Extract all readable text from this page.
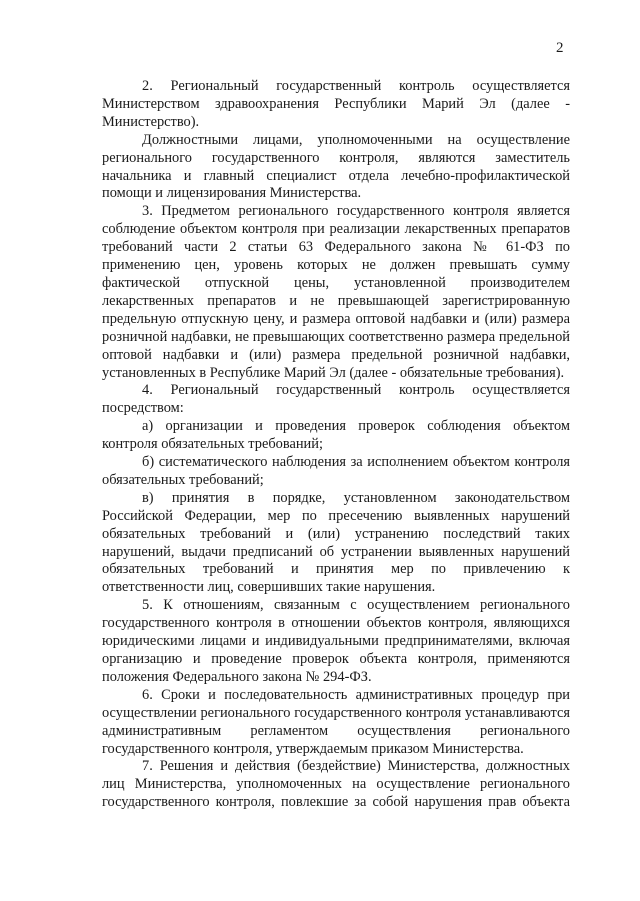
2

2. Региональный государственный контроль осуществляется Министерством здравоохранения Республики Марий Эл (далее - Министерство).

Должностными лицами, уполномоченными на осуществление регионального государственного контроля, являются заместитель начальника и главный специалист отдела лечебно-профилактической помощи и лицензирования Министерства.

3. Предметом регионального государственного контроля является соблюдение объектом контроля при реализации лекарственных препаратов требований части 2 статьи 63 Федерального закона № 61-ФЗ по применению цен, уровень которых не должен превышать сумму фактической отпускной цены, установленной производителем лекарственных препаратов и не превышающей зарегистрированную предельную отпускную цену, и размера оптовой надбавки и (или) размера розничной надбавки, не превышающих соответственно размера предельной оптовой надбавки и (или) размера предельной розничной надбавки, установленных в Республике Марий Эл (далее - обязательные требования).

4. Региональный государственный контроль осуществляется посредством:

а) организации и проведения проверок соблюдения объектом контроля обязательных требований;

б) систематического наблюдения за исполнением объектом контроля обязательных требований;

в) принятия в порядке, установленном законодательством Российской Федерации, мер по пресечению выявленных нарушений обязательных требований и (или) устранению последствий таких нарушений, выдачи предписаний об устранении выявленных нарушений обязательных требований и принятия мер по привлечению к ответственности лиц, совершивших такие нарушения.

5. К отношениям, связанным с осуществлением регионального государственного контроля в отношении объектов контроля, являющихся юридическими лицами и индивидуальными предпринимателями, включая организацию и проведение проверок объекта контроля, применяются положения Федерального закона № 294-ФЗ.

6. Сроки и последовательность административных процедур при осуществлении регионального государственного контроля устанавливаются административным регламентом осуществления регионального государственного контроля, утверждаемым приказом Министерства.

7. Решения и действия (бездействие) Министерства, должностных лиц Министерства, уполномоченных на осуществление регионального государственного контроля, повлекшие за собой нарушения прав объекта
